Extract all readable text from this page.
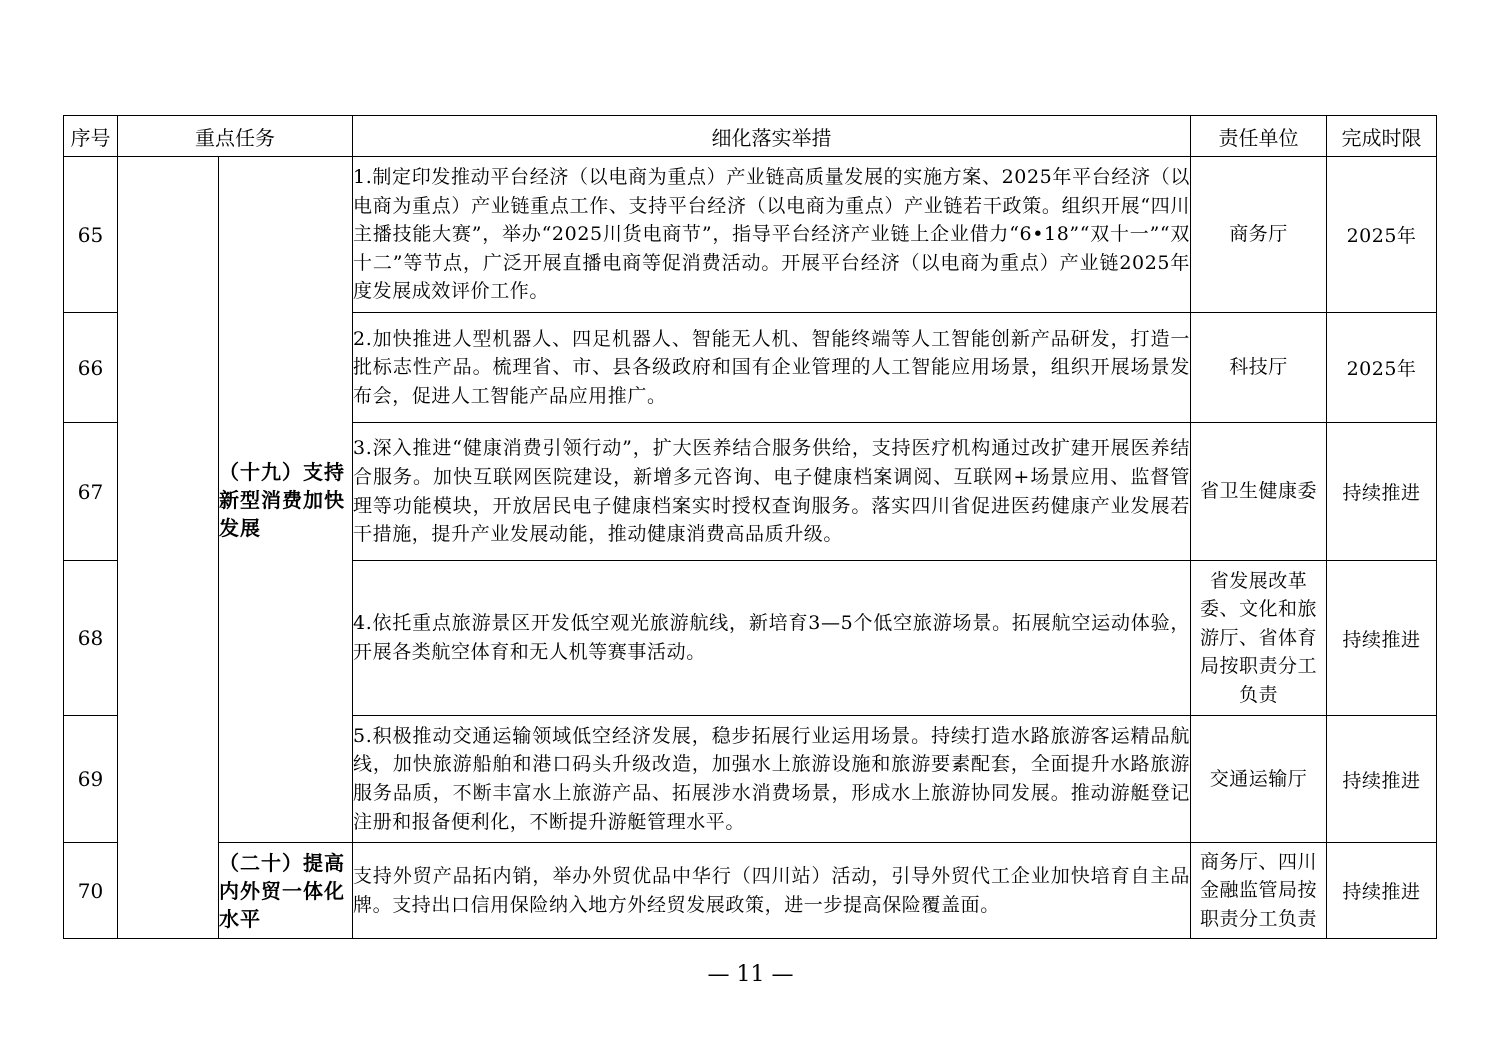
序号	重点任务		细化落实举措	责任单位	完成时限
65		（十九）支持新型消费加快发展	1.制定印发推动平台经济（以电商为重点）产业链高质量发展的实施方案、2025年平台经济（以电商为重点）产业链重点工作、支持平台经济（以电商为重点）产业链若干政策。组织开展“四川主播技能大赛”，举办“2025川货电商节”，指导平台经济产业链上企业借力“6•18”“双十一”“双十二”等节点，广泛开展直播电商等促消费活动。开展平台经济（以电商为重点）产业链2025年度发展成效评价工作。	商务厅	2025年
66			2.加快推进人型机器人、四足机器人、智能无人机、智能终端等人工智能创新产品研发，打造一批标志性产品。梳理省、市、县各级政府和国有企业管理的人工智能应用场景，组织开展场景发布会，促进人工智能产品应用推广。	科技厅	2025年
67			3.深入推进“健康消费引领行动”，扩大医养结合服务供给，支持医疗机构通过改扩建开展医养结合服务。加快互联网医院建设，新增多元咨询、电子健康档案调阅、互联网+场景应用、监督管理等功能模块，开放居民电子健康档案实时授权查询服务。落实四川省促进医药健康产业发展若干措施，提升产业发展动能，推动健康消费高品质升级。	省卫生健康委	持续推进
68			4.依托重点旅游景区开发低空观光旅游航线，新培育3—5个低空旅游场景。拓展航空运动体验，开展各类航空体育和无人机等赛事活动。	省发展改革委、文化和旅游厅、省体育局按职责分工负责	持续推进
69			5.积极推动交通运输领域低空经济发展，稳步拓展行业运用场景。持续打造水路旅游客运精品航线，加快旅游船舶和港口码头升级改造，加强水上旅游设施和旅游要素配套，全面提升水路旅游服务品质，不断丰富水上旅游产品、拓展涉水消费场景，形成水上旅游协同发展。推动游艇登记注册和报备便利化，不断提升游艇管理水平。	交通运输厅	持续推进
70		（二十）提高内外贸一体化水平	支持外贸产品拓内销，举办外贸优品中华行（四川站）活动，引导外贸代工企业加快培育自主品牌。支持出口信用保险纳入地方外经贸发展政策，进一步提高保险覆盖面。	商务厅、四川金融监管局按职责分工负责	持续推进
— 11 —
